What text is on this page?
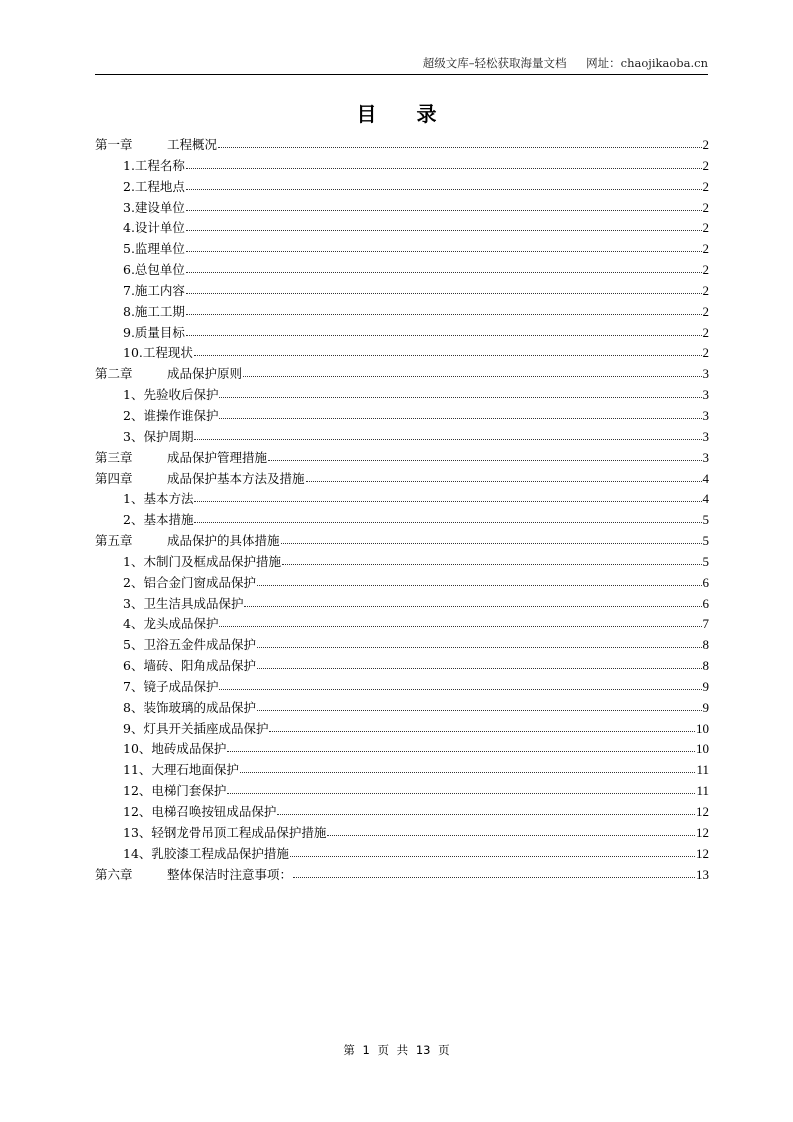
超级文库–轻松获取海量文档 网址：chaojikaoba.cn
目录
第一章	工程概况	2
1.工程名称	2
2.工程地点	2
3.建设单位	2
4.设计单位	2
5.监理单位	2
6.总包单位	2
7.施工内容	2
8.施工工期	2
9.质量目标	2
10.工程现状	2
第二章	成品保护原则	3
1、先验收后保护	3
2、谁操作谁保护	3
3、保护周期	3
第三章	成品保护管理措施	3
第四章	成品保护基本方法及措施	4
1、基本方法	4
2、基本措施	5
第五章	成品保护的具体措施	5
1、木制门及框成品保护措施	5
2、铝合金门窗成品保护	6
3、卫生洁具成品保护	6
4、龙头成品保护	7
5、卫浴五金件成品保护	8
6、墙砖、阳角成品保护	8
7、镜子成品保护	9
8、装饰玻璃的成品保护	9
9、灯具开关插座成品保护	10
10、地砖成品保护	10
11、大理石地面保护	11
12、电梯门套保护	11
12、电梯召唤按钮成品保护	12
13、轻钢龙骨吊顶工程成品保护措施	12
14、乳胶漆工程成品保护措施	12
第六章	整体保洁时注意事项：	13
第 1 页 共 13 页
